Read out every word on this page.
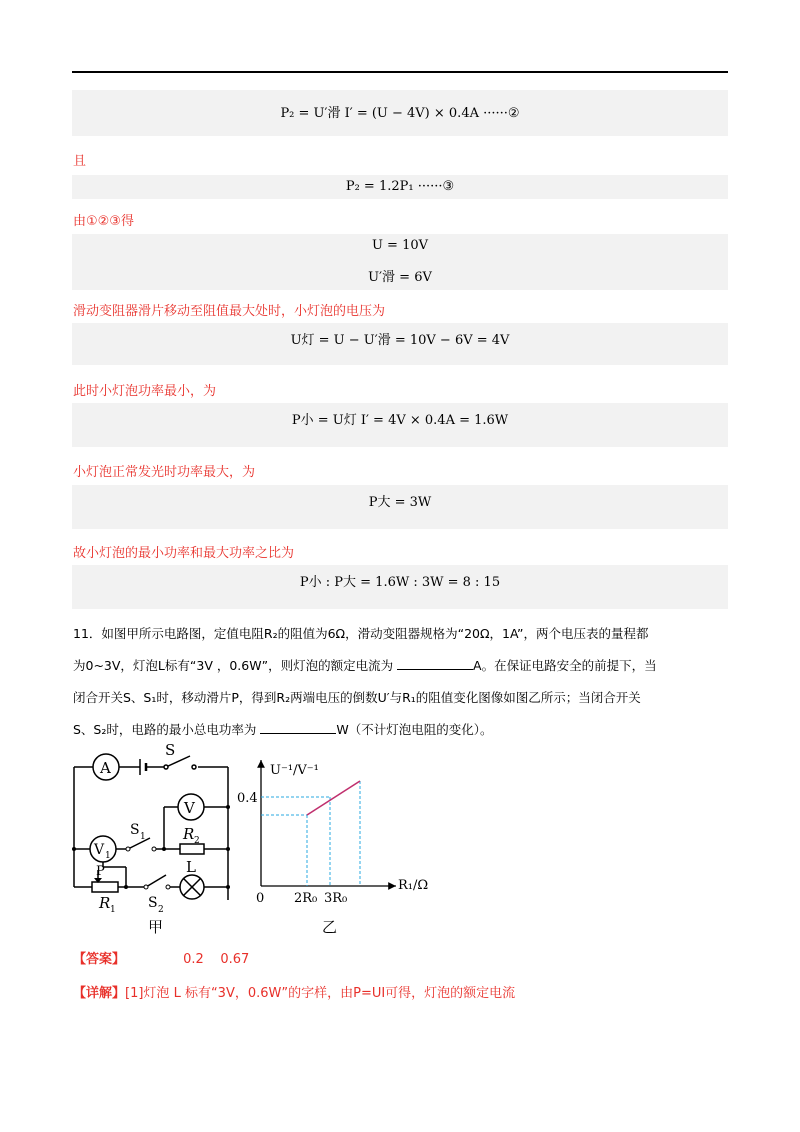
P₂ = U′滑 I′ = (U − 4V) × 0.4A ······②
且
P₂ = 1.2P₁ ······③
由①②③得
U = 10V
U′滑 = 6V
滑动变阻器滑片移动至阻值最大处时，小灯泡的电压为
U灯 = U − U′滑 = 10V − 6V = 4V
此时小灯泡功率最小，为
P小 = U灯 I′ = 4V × 0.4A = 1.6W
小灯泡正常发光时功率最大，为
P大 = 3W
故小灯泡的最小功率和最大功率之比为
P小 : P大 = 1.6W : 3W = 8 : 15
11．如图甲所示电路图，定值电阻R₂的阻值为6Ω，滑动变阻器规格为“20Ω，1A”，两个电压表的量程都
为0~3V，灯泡L标有“3V ，0.6W”，则灯泡的额定电流为	A。在保证电路安全的前提下，当
闭合开关S、S₁时，移动滑片P，得到R₂两端电压的倒数U′与R₁的阻值变化图像如图乙所示；当闭合开关
S、S₂时，电路的最小总电功率为	W（不计灯泡电阻的变化）。
A
V
V 1
S
S 1 R 2
L
P
R 1 S 2
甲
U⁻¹/V⁻¹
0.4
0 2R₀ 3R₀
R₁/Ω
乙
【答案】	0.2    0.67
【详解】[1]灯泡 L 标有“3V，0.6W”的字样，由P=UI可得，灯泡的额定电流
